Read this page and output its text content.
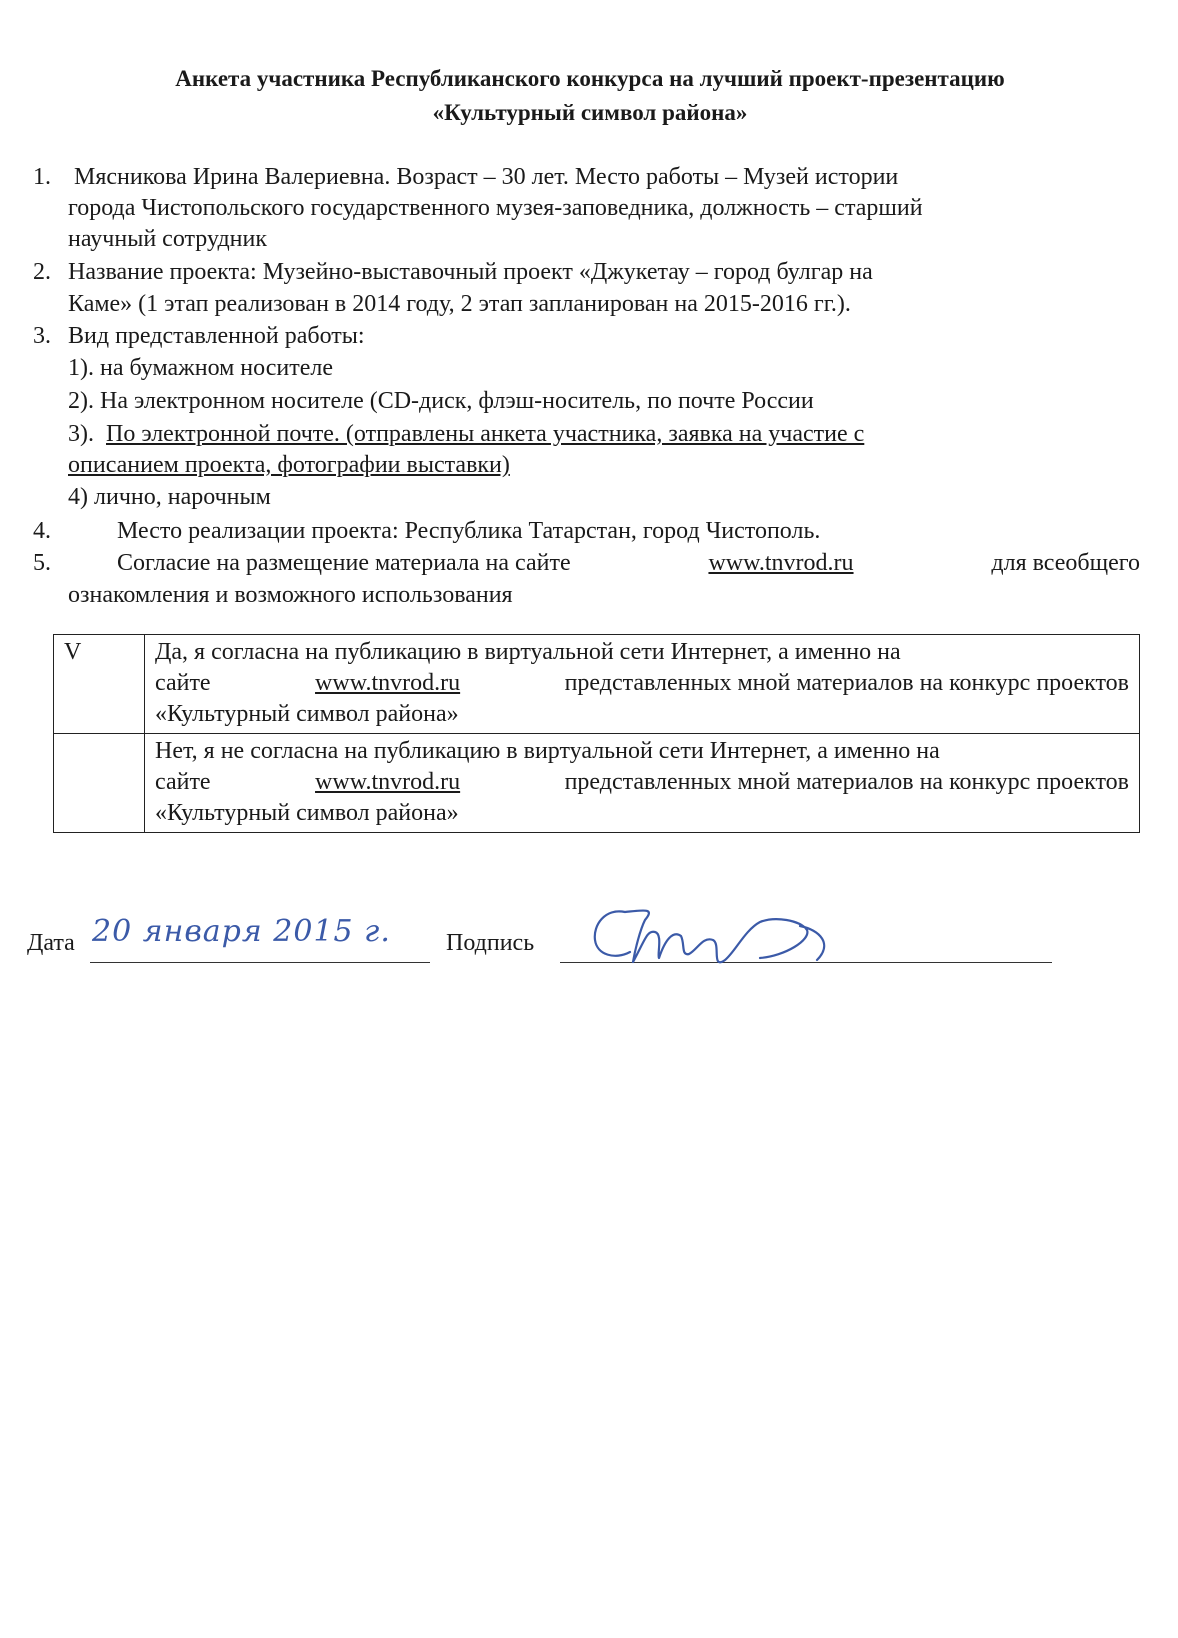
Анкета участника Республиканского конкурса на лучший проект-презентацию
«Культурный символ района»
1. Мясникова Ирина Валериевна. Возраст – 30 лет. Место работы – Музей истории
города Чистопольского государственного музея-заповедника, должность – старший
научный сотрудник
2. Название проекта: Музейно-выставочный проект «Джукетау – город булгар на
Каме» (1 этап реализован в 2014 году, 2 этап запланирован на 2015-2016 гг.).
3. Вид представленной работы:
1). на бумажном носителе
2). На электронном носителе (CD-диск, флэш-носитель, по почте России
3). По электронной почте. (отправлены анкета участника, заявка на участие с
описанием проекта, фотографии выставки)
4) лично, нарочным
4.	Место реализации проекта: Республика Татарстан, город Чистополь.
5.	Согласие на размещение материала на сайте	www.tnvrod.ru	для всеобщего
ознакомления и возможного использования
V	Да, я согласна на публикацию в виртуальной сети Интернет, а именно на
сайте www.tnvrod.ru представленных мной материалов на конкурс проектов
«Культурный символ района»

	Нет, я не согласна на публикацию в виртуальной сети Интернет, а именно на
сайте www.tnvrod.ru представленных мной материалов на конкурс проектов
«Культурный символ района»
Дата 20 января 2015 г. Подпись
